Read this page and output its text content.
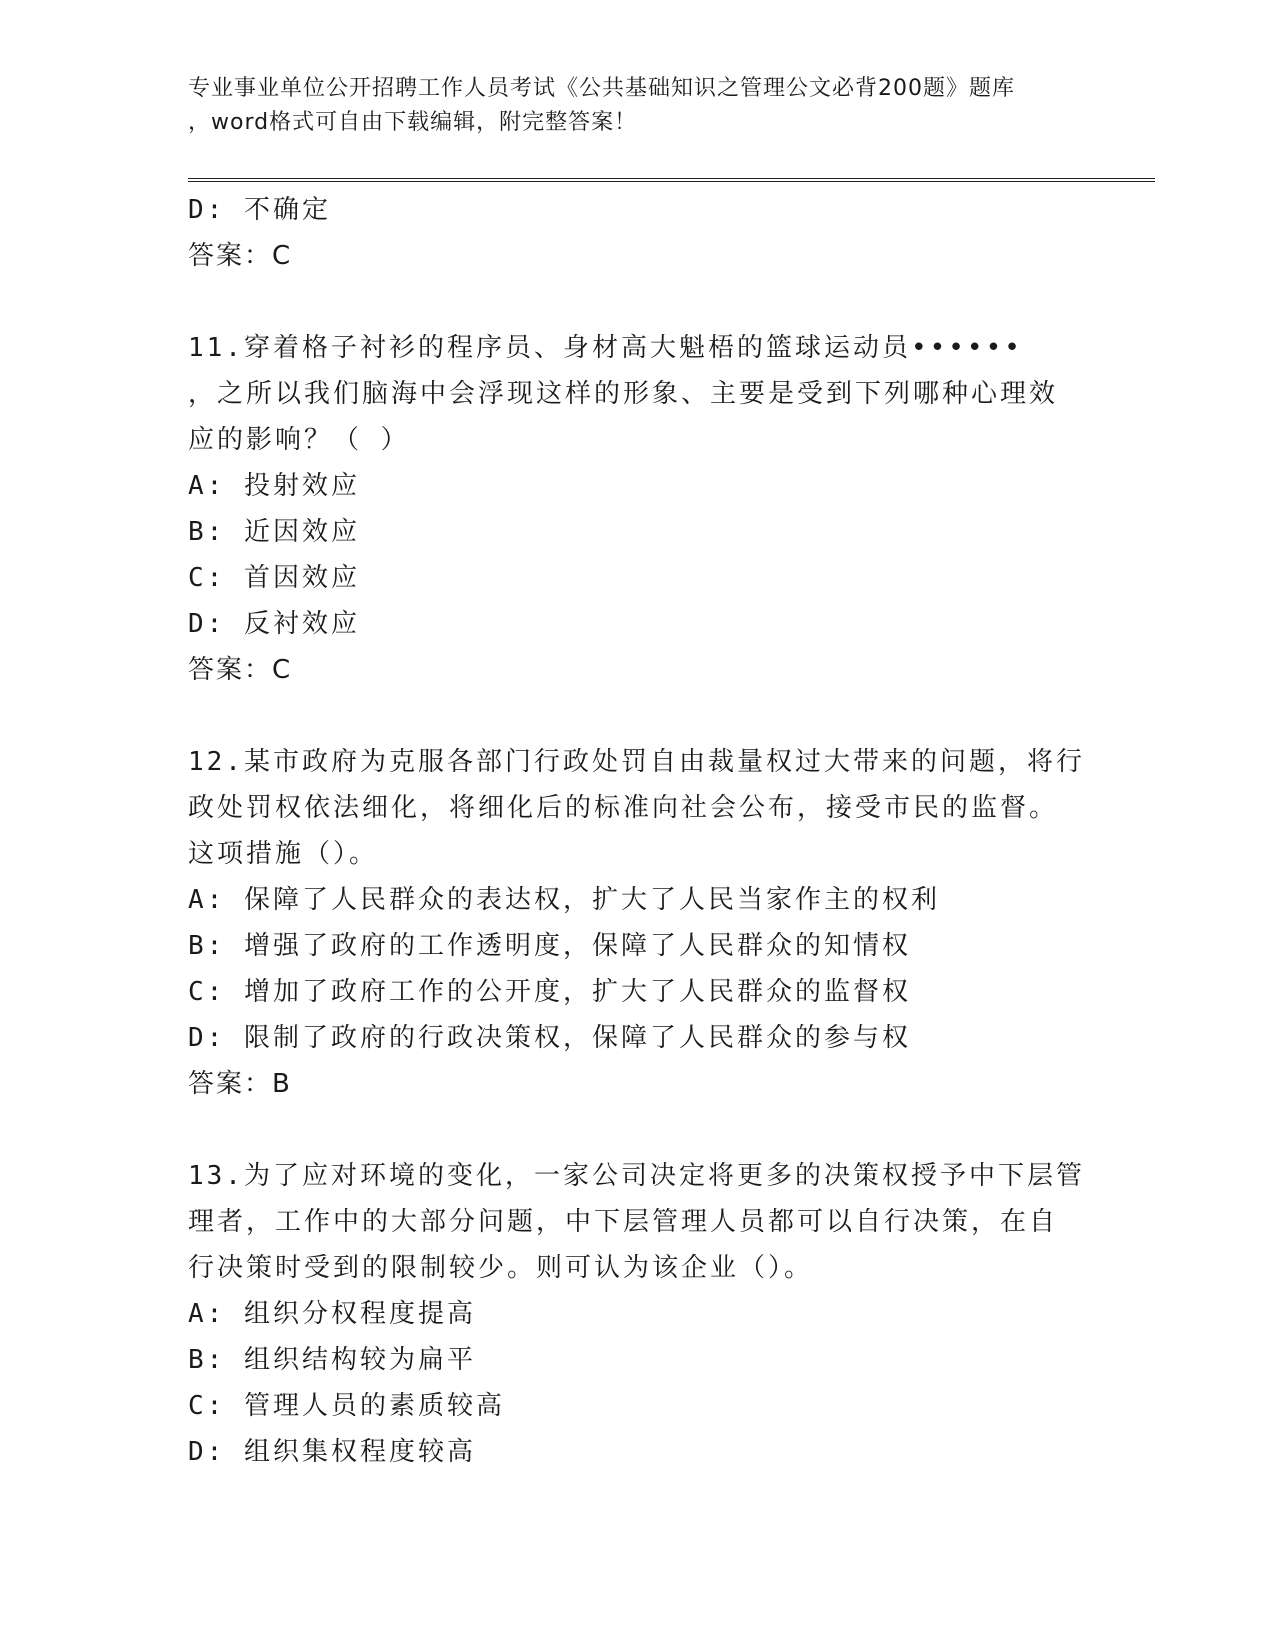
专业事业单位公开招聘工作人员考试《公共基础知识之管理公文必背200题》题库
，word格式可自由下载编辑，附完整答案！
D: 不确定
答案：C
11.穿着格子衬衫的程序员、身材高大魁梧的篮球运动员••••••
，之所以我们脑海中会浮现这样的形象、主要是受到下列哪种心理效
应的影响？（ ）
A: 投射效应
B: 近因效应
C: 首因效应
D: 反衬效应
答案：C
12.某市政府为克服各部门行政处罚自由裁量权过大带来的问题，将行
政处罚权依法细化，将细化后的标准向社会公布，接受市民的监督。
这项措施（）。
A: 保障了人民群众的表达权，扩大了人民当家作主的权利
B: 增强了政府的工作透明度，保障了人民群众的知情权
C: 增加了政府工作的公开度，扩大了人民群众的监督权
D: 限制了政府的行政决策权，保障了人民群众的参与权
答案：B
13.为了应对环境的变化，一家公司决定将更多的决策权授予中下层管
理者，工作中的大部分问题，中下层管理人员都可以自行决策，在自
行决策时受到的限制较少。则可认为该企业（）。
A: 组织分权程度提高
B: 组织结构较为扁平
C: 管理人员的素质较高
D: 组织集权程度较高
